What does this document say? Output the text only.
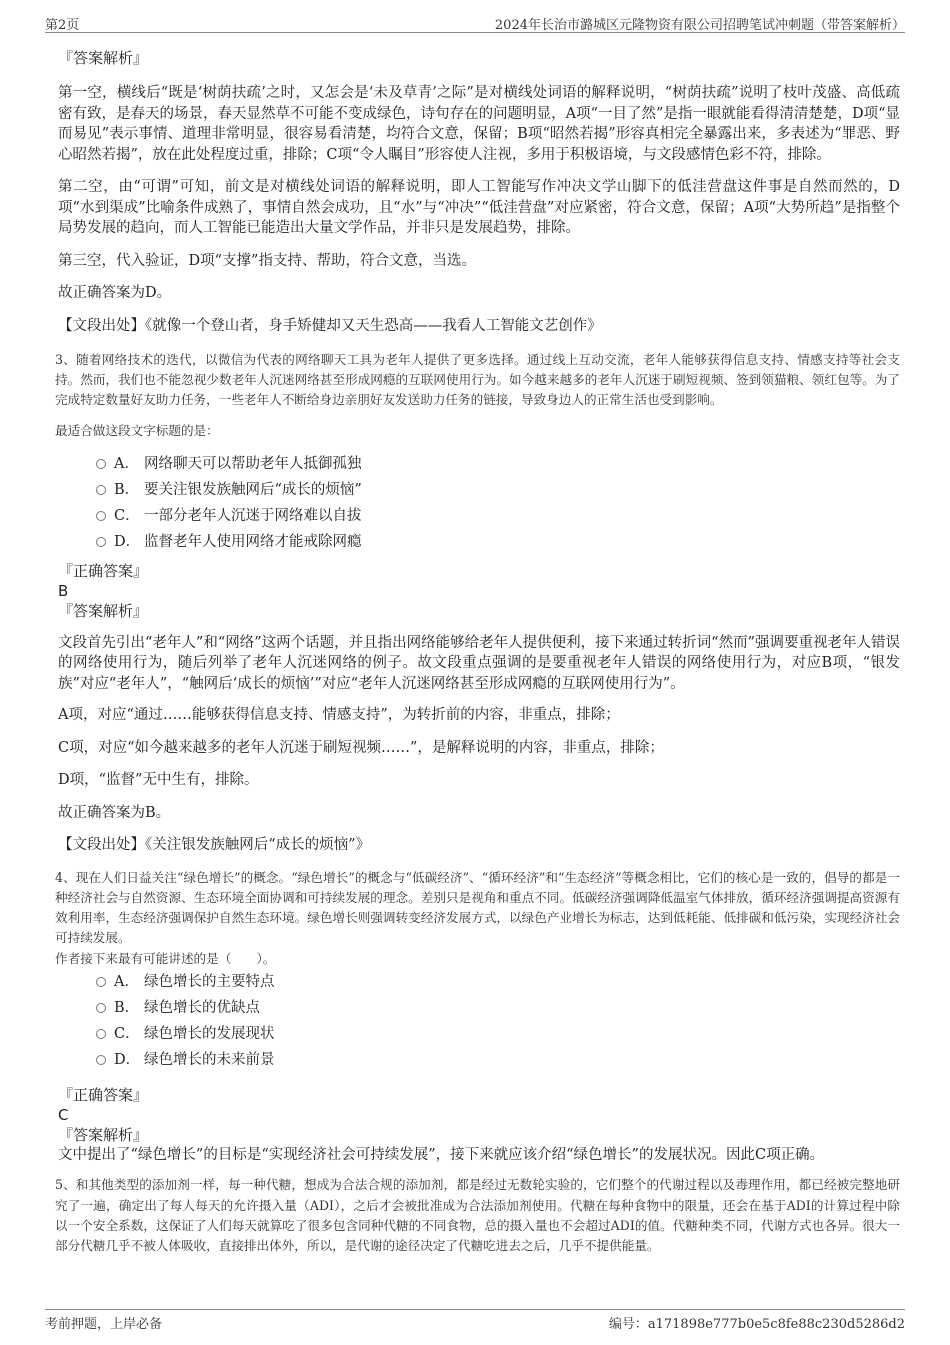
第2页	2024年长治市潞城区元隆物资有限公司招聘笔试冲刺题（带答案解析）
『答案解析』
第一空，横线后“既是‘树荫扶疏’之时，又怎会是‘未及草青’之际”是对横线处词语的解释说明，“树荫扶疏”说明了枝叶茂盛、高低疏密有致，是春天的场景，春天显然草不可能不变成绿色，诗句存在的问题明显，A项“一目了然”是指一眼就能看得清清楚楚，D项“显而易见”表示事情、道理非常明显，很容易看清楚，均符合文意，保留；B项“昭然若揭”形容真相完全暴露出来，多表述为“罪恶、野心昭然若揭”，放在此处程度过重，排除；C项“令人瞩目”形容使人注视，多用于积极语境，与文段感情色彩不符，排除。
第二空，由“可谓”可知，前文是对横线处词语的解释说明，即人工智能写作冲决文学山脚下的低洼营盘这件事是自然而然的，D项“水到渠成”比喻条件成熟了，事情自然会成功，且“水”与“冲决”“低洼营盘”对应紧密，符合文意，保留；A项“大势所趋”是指整个局势发展的趋向，而人工智能已能造出大量文学作品，并非只是发展趋势，排除。
第三空，代入验证，D项“支撑”指支持、帮助，符合文意，当选。
故正确答案为D。
【文段出处】《就像一个登山者，身手矫健却又天生恐高——我看人工智能文艺创作》
3、随着网络技术的迭代，以微信为代表的网络聊天工具为老年人提供了更多选择。通过线上互动交流，老年人能够获得信息支持、情感支持等社会支持。然而，我们也不能忽视少数老年人沉迷网络甚至形成网瘾的互联网使用行为。如今越来越多的老年人沉迷于刷短视频、签到领猫粮、领红包等。为了完成特定数量好友助力任务，一些老年人不断给身边亲朋好友发送助力任务的链接，导致身边人的正常生活也受到影响。
最适合做这段文字标题的是：
A． 网络聊天可以帮助老年人抵御孤独
B． 要关注银发族触网后“成长的烦恼”
C． 一部分老年人沉迷于网络难以自拔
D． 监督老年人使用网络才能戒除网瘾
『正确答案』
B
『答案解析』
文段首先引出“老年人”和“网络”这两个话题，并且指出网络能够给老年人提供便利，接下来通过转折词“然而”强调要重视老年人错误的网络使用行为，随后列举了老年人沉迷网络的例子。故文段重点强调的是要重视老年人错误的网络使用行为，对应B项，“银发族”对应“老年人”，“触网后‘成长的烦恼’”对应“老年人沉迷网络甚至形成网瘾的互联网使用行为”。
A项，对应“通过……能够获得信息支持、情感支持”，为转折前的内容，非重点，排除；
C项，对应“如今越来越多的老年人沉迷于刷短视频……”，是解释说明的内容，非重点，排除；
D项，“监督”无中生有，排除。
故正确答案为B。
【文段出处】《关注银发族触网后“成长的烦恼”》
4、现在人们日益关注“绿色增长”的概念。“绿色增长”的概念与“低碳经济”、“循环经济”和“生态经济”等概念相比，它们的核心是一致的，倡导的都是一种经济社会与自然资源、生态环境全面协调和可持续发展的理念。差别只是视角和重点不同。低碳经济强调降低温室气体排放，循环经济强调提高资源有效利用率，生态经济强调保护自然生态环境。绿色增长则强调转变经济发展方式，以绿色产业增长为标志，达到低耗能、低排碳和低污染，实现经济社会可持续发展。
作者接下来最有可能讲述的是（　　）。
A． 绿色增长的主要特点
B． 绿色增长的优缺点
C． 绿色增长的发展现状
D． 绿色增长的未来前景
『正确答案』
C
『答案解析』
文中提出了“绿色增长”的目标是“实现经济社会可持续发展”，接下来就应该介绍“绿色增长”的发展状况。因此C项正确。
5、和其他类型的添加剂一样，每一种代糖，想成为合法合规的添加剂，都是经过无数轮实验的，它们整个的代谢过程以及毒理作用，都已经被完整地研究了一遍，确定出了每人每天的允许摄入量（ADI），之后才会被批准成为合法添加剂使用。代糖在每种食物中的限量，还会在基于ADI的计算过程中除以一个安全系数，这保证了人们每天就算吃了很多包含同种代糖的不同食物，总的摄入量也不会超过ADI的值。代糖种类不同，代谢方式也各异。很大一部分代糖几乎不被人体吸收，直接排出体外，所以，是代谢的途径决定了代糖吃进去之后，几乎不提供能量。
考前押题，上岸必备	编号：a171898e777b0e5c8fe88c230d5286d2
